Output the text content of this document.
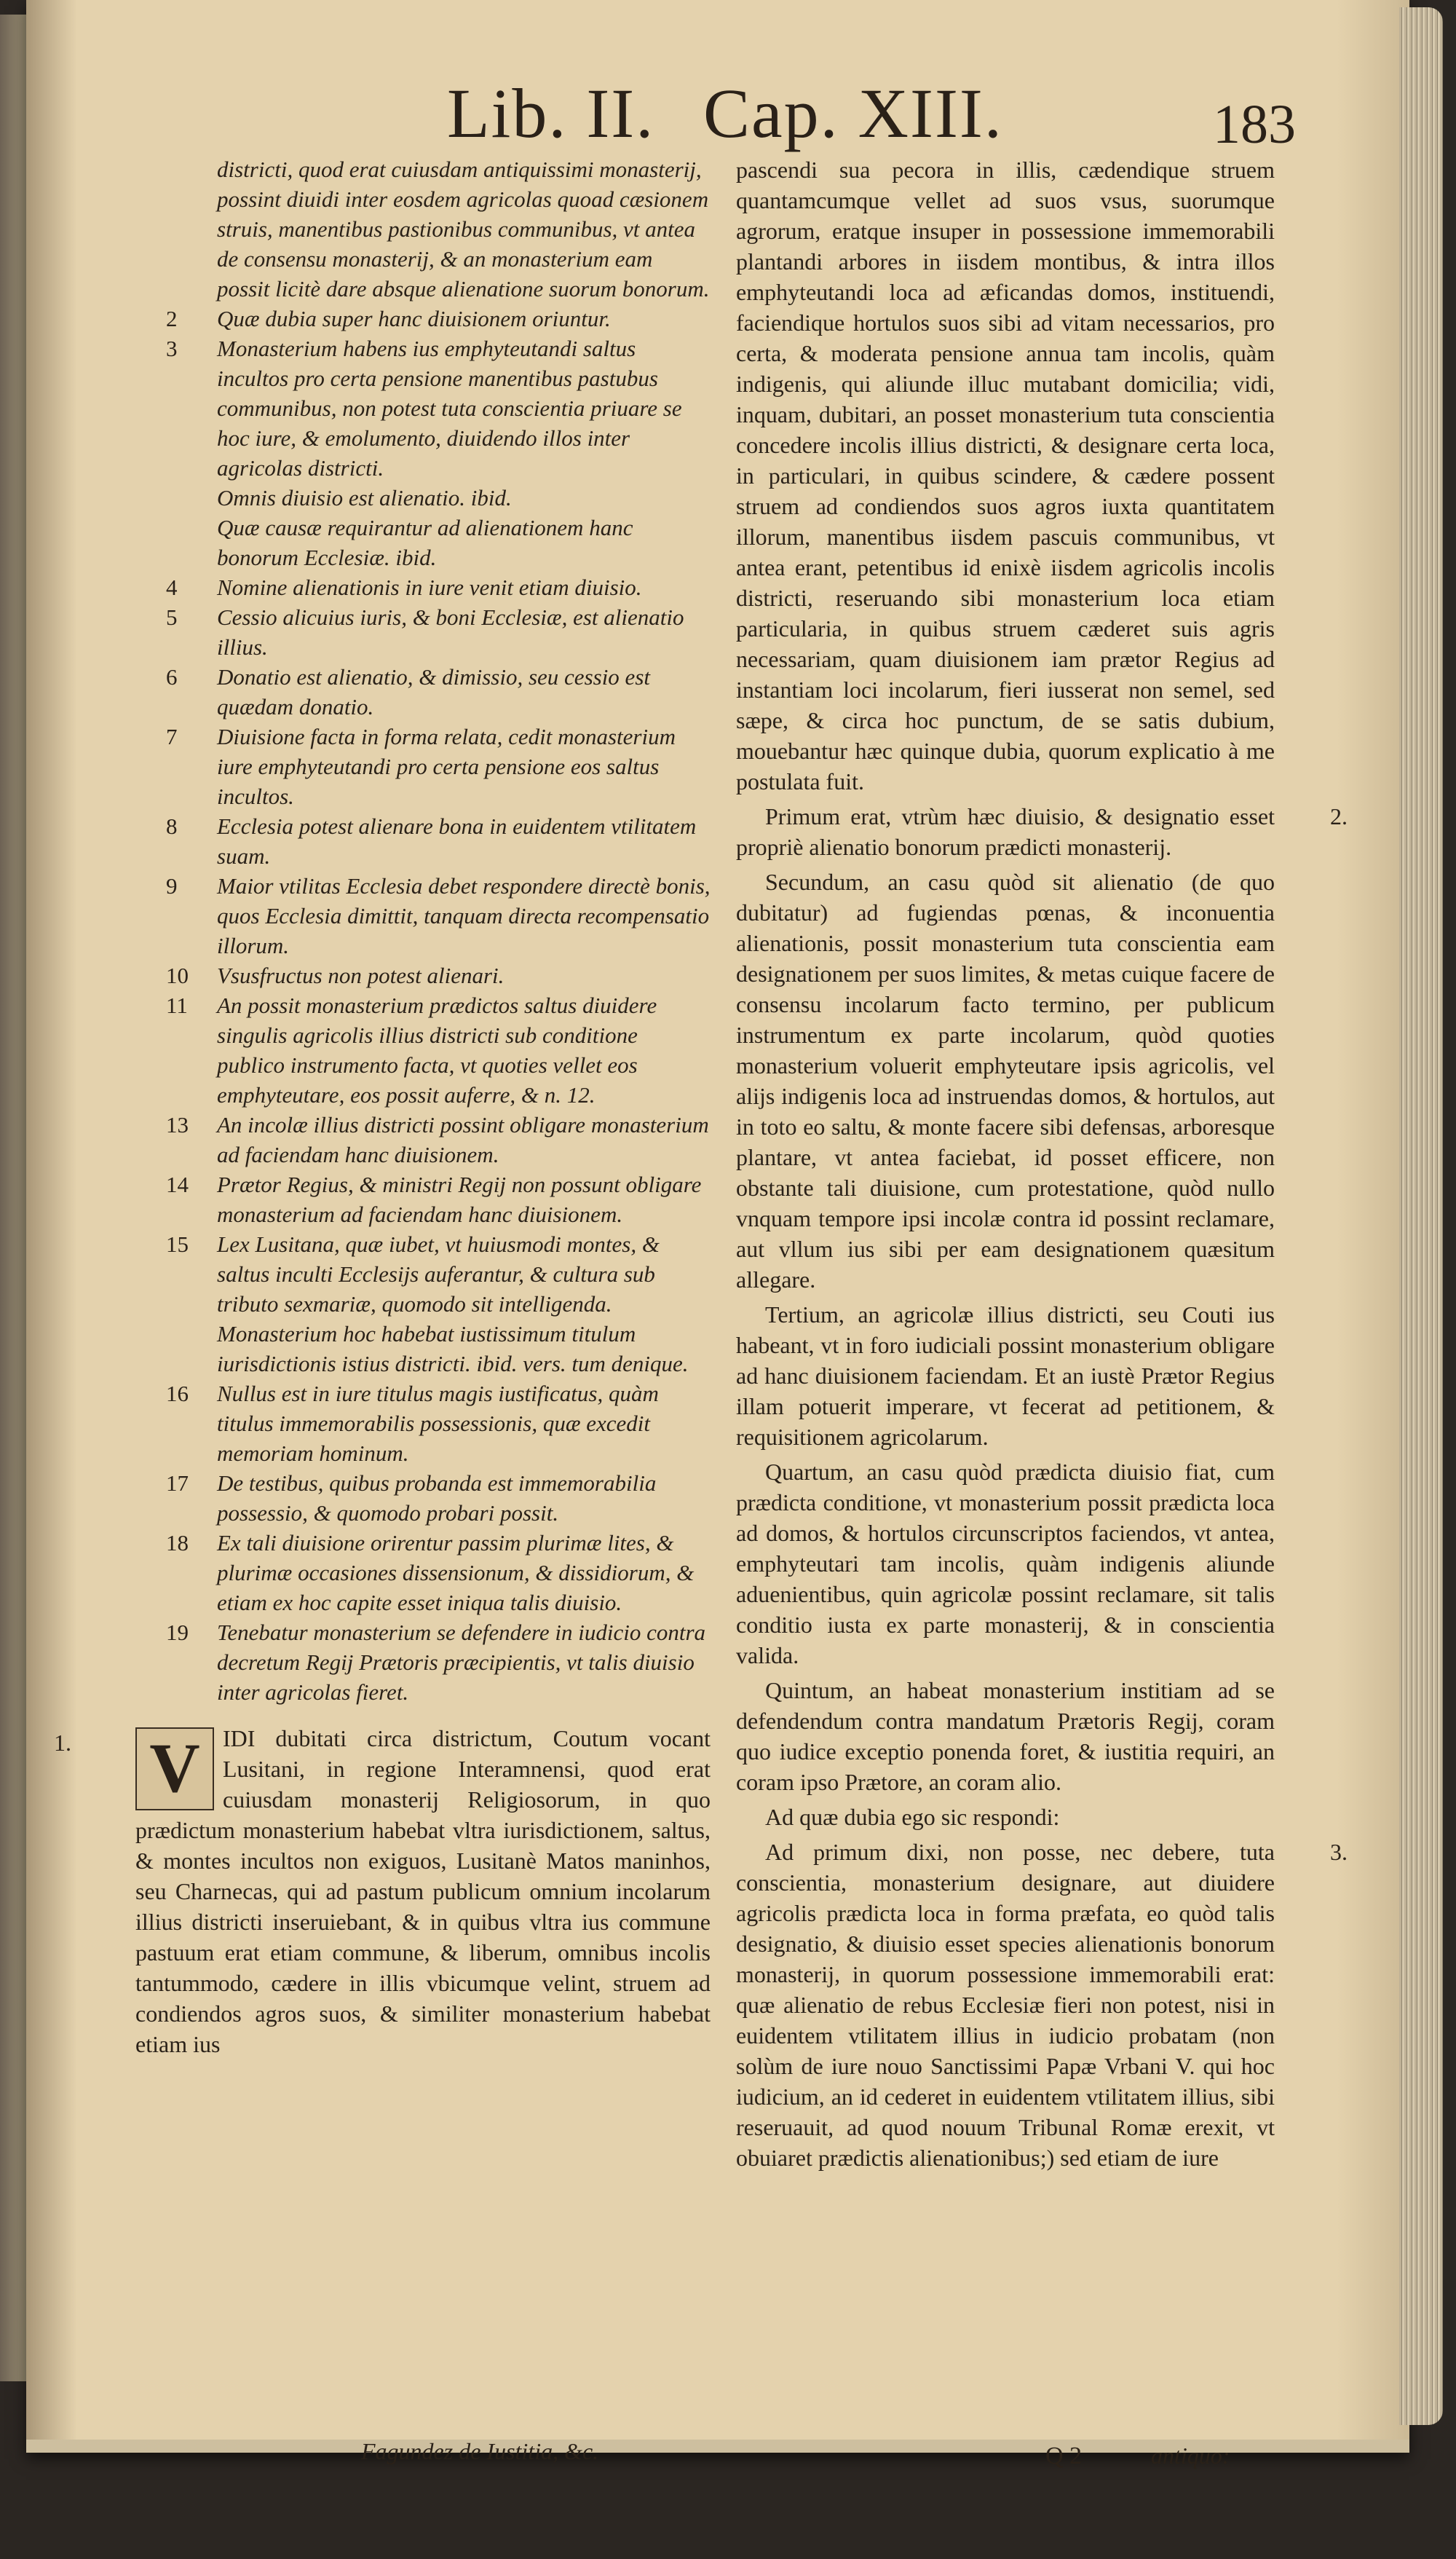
Lib. II. Cap. XIII.	183
districti, quod erat cuiusdam antiquissimi monasterij, possint diuidi inter eosdem agricolas quoad cæsionem struis, manentibus pastionibus communibus, vt antea de consensu monasterij, & an monasterium eam possit licitè dare absque alienatione suorum bonorum.
2 Quæ dubia super hanc diuisionem oriuntur.
3 Monasterium habens ius emphyteutandi saltus incultos pro certa pensione manentibus pastubus communibus, non potest tuta conscientia priuare se hoc iure, & emolumento, diuidendo illos inter agricolas districti.
Omnis diuisio est alienatio. ibid.
Quæ causæ requirantur ad alienationem hanc bonorum Ecclesiæ. ibid.
4 Nomine alienationis in iure venit etiam diuisio.
5 Cessio alicuius iuris, & boni Ecclesiæ, est alienatio illius.
6 Donatio est alienatio, & dimissio, seu cessio est quædam donatio.
7 Diuisione facta in forma relata, cedit monasterium iure emphyteutandi pro certa pensione eos saltus incultos.
8 Ecclesia potest alienare bona in euidentem vtilitatem suam.
9 Maior vtilitas Ecclesia debet respondere directè bonis, quos Ecclesia dimittit, tanquam directa recompensatio illorum.
10 Vsusfructus non potest alienari.
11 An possit monasterium prædictos saltus diuidere singulis agricolis illius districti sub conditione publico instrumento facta, vt quoties vellet eos emphyteutare, eos possit auferre, & n. 12.
13 An incolæ illius districti possint obligare monasterium ad faciendam hanc diuisionem.
14 Prætor Regius, & ministri Regij non possunt obligare monasterium ad faciendam hanc diuisionem.
15 Lex Lusitana, quæ iubet, vt huiusmodi montes, & saltus inculti Ecclesijs auferantur, & cultura sub tributo sexmariæ, quomodo sit intelligenda.
Monasterium hoc habebat iustissimum titulum iurisdictionis istius districti. ibid. vers. tum denique.
16 Nullus est in iure titulus magis iustificatus, quàm titulus immemorabilis possessionis, quæ excedit memoriam hominum.
17 De testibus, quibus probanda est immemorabilia possessio, & quomodo probari possit.
18 Ex tali diuisione orirentur passim plurimæ lites, & plurimæ occasiones dissensionum, & dissidiorum, & etiam ex hoc capite esset iniqua talis diuisio.
19 Tenebatur monasterium se defendere in iudicio contra decretum Regij Prætoris præcipientis, vt talis diuisio inter agricolas fieret.
1. V IDI dubitati circa districtum, Coutum vocant Lusitani, in regione Interamnensi, quod erat cuiusdam monasterij Religiosorum, in quo prædictum monasterium habebat vltra iurisdictionem, saltus, & montes incultos non exiguos, Lusitanè Matos maninhos, seu Charnecas, qui ad pastum publicum omnium incolarum illius districti inseruiebant, & in quibus vltra ius commune pastuum erat etiam commune, & liberum, omnibus incolis tantummodo, cædere in illis vbicumque velint, struem ad condiendos agros suos, & similiter monasterium habebat etiam ius

pascendi sua pecora in illis, cædendique struem quantamcumque vellet ad suos vsus, suorumque agrorum, eratque insuper in possessione immemorabili plantandi arbores in iisdem montibus, & intra illos emphyteutandi loca ad æficandas domos, instituendi, faciendique hortulos suos sibi ad vitam necessarios, pro certa, & moderata pensione annua tam incolis, quàm indigenis, qui aliunde illuc mutabant domicilia; vidi, inquam, dubitari, an posset monasterium tuta conscientia concedere incolis illius districti, & designare certa loca, in particulari, in quibus scindere, & cædere possent struem ad condiendos suos agros iuxta quantitatem illorum, manentibus iisdem pascuis communibus, vt antea erant, petentibus id enixè iisdem agricolis incolis districti, reseruando sibi monasterium loca etiam particularia, in quibus struem cæderet suis agris necessariam, quam diuisionem iam prætor Regius ad instantiam loci incolarum, fieri iusserat non semel, sed sæpe, & circa hoc punctum, de se satis dubium, mouebantur hæc quinque dubia, quorum explicatio à me postulata fuit.

2.
Primum erat, vtrùm hæc diuisio, & designatio esset propriè alienatio bonorum prædicti monasterij.

Secundum, an casu quòd sit alienatio (de quo dubitatur) ad fugiendas pœnas, & inconuentia alienationis, possit monasterium tuta conscientia eam designationem per suos limites, & metas cuique facere de consensu incolarum facto termino, per publicum instrumentum ex parte incolarum, quòd quoties monasterium voluerit emphyteutare ipsis agricolis, vel alijs indigenis loca ad instruendas domos, & hortulos, aut in toto eo saltu, & monte facere sibi defensas, arboresque plantare, vt antea faciebat, id posset efficere, non obstante tali diuisione, cum protestatione, quòd nullo vnquam tempore ipsi incolæ contra id possint reclamare, aut vllum ius sibi per eam designationem quæsitum allegare.

Tertium, an agricolæ illius districti, seu Couti ius habeant, vt in foro iudiciali possint monasterium obligare ad hanc diuisionem faciendam. Et an iustè Prætor Regius illam potuerit imperare, vt fecerat ad petitionem, & requisitionem agricolarum.

Quartum, an casu quòd prædicta diuisio fiat, cum prædicta conditione, vt monasterium possit prædicta loca ad domos, & hortulos circunscriptos faciendos, vt antea, emphyteutari tam incolis, quàm indigenis aliunde aduenientibus, quin agricolæ possint reclamare, sit talis conditio iusta ex parte monasterij, & in conscientia valida.

Quintum, an habeat monasterium institiam ad se defendendum contra mandatum Prætoris Regij, coram quo iudice exceptio ponenda foret, & iustitia requiri, an coram ipso Prætore, an coram alio.

Ad quæ dubia ego sic respondi:

3.
Ad primum dixi, non posse, nec debere, tuta conscientia, monasterium designare, aut diuidere agricolis prædicta loca in forma præfata, eo quòd talis designatio, & diuisio esset species alienationis bonorum monasterij, in quorum possessione immemorabili erat: quæ alienatio de rebus Ecclesiæ fieri non potest, nisi in euidentem vtilitatem illius in iudicio probatam (non solùm de iure nouo Sanctissimi Papæ Vrbani V. qui hoc iudicium, an id cederet in euidentem vtilitatem illius, sibi reseruauit, ad quod nouum Tribunal Romæ erexit, vt obuiaret prædictis alienationibus;) sed etiam de iure

Fagundez de Iustitia, &c.	Q 2	antiquo:
